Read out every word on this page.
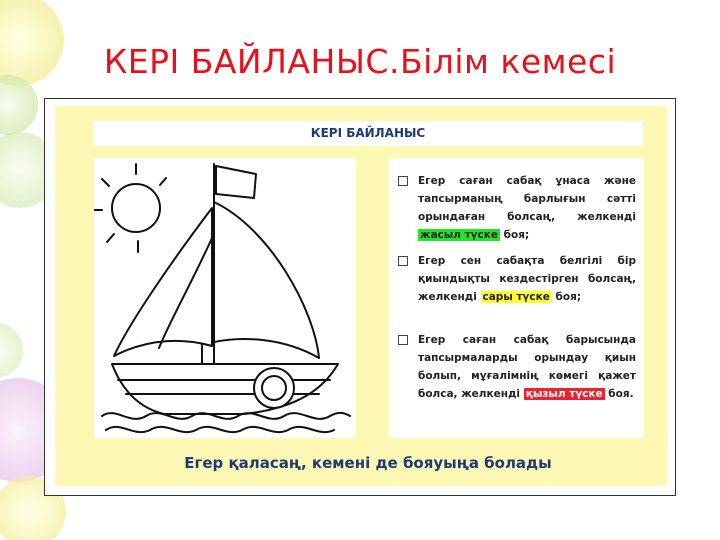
КЕРІ БАЙЛАНЫС.Білім кемесі
КЕРІ БАЙЛАНЫС
Егер саған сабақ ұнаса және тапсырманың барлығын сәтті орындаған болсаң, желкенді жасыл түске боя;
Егер сен сабақта белгілі бір қиындықты кездестірген болсаң, желкенді сары түске боя;
Егер саған сабақ барысында тапсырмаларды орындау қиын болып, мұғалімнің көмегі қажет болса, желкенді қызыл түске боя.
Егер қаласаң, кемені де бояуыңа болады
